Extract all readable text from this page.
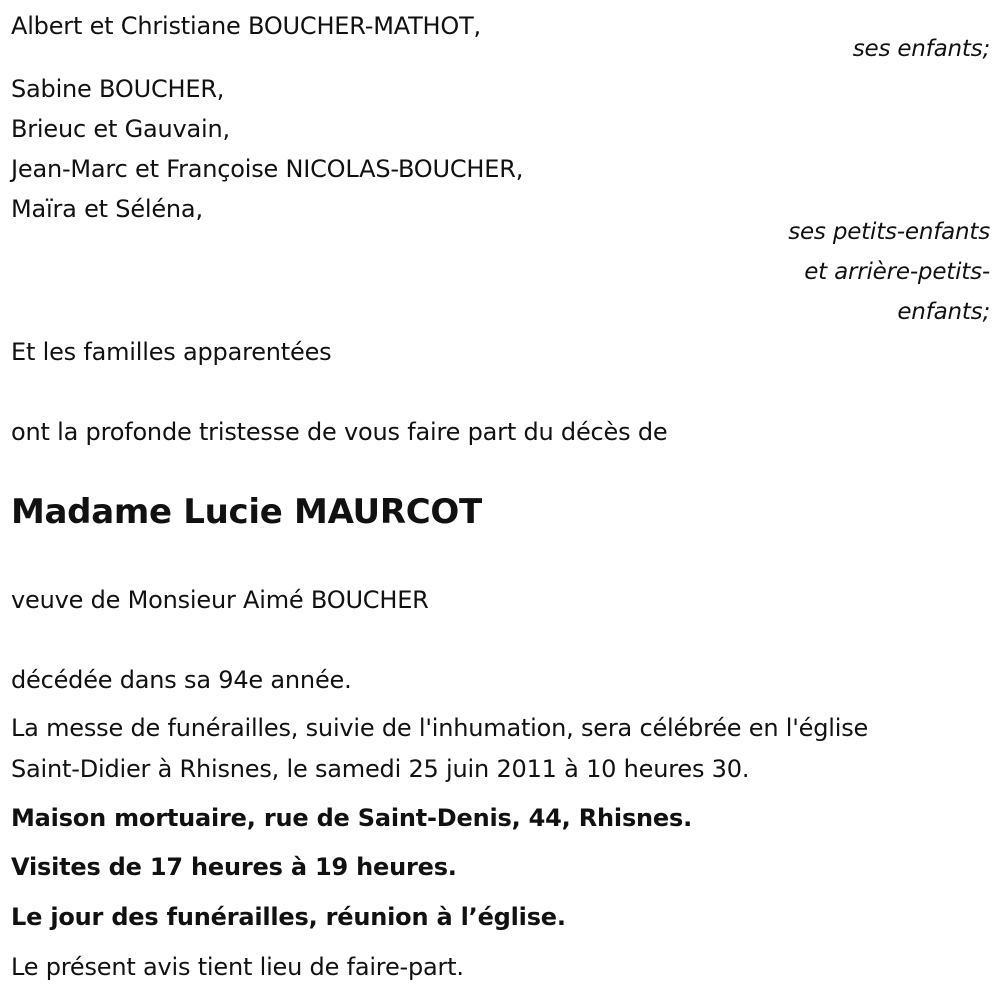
Albert et Christiane BOUCHER-MATHOT,
ses enfants;
Sabine BOUCHER,
Brieuc et Gauvain,
Jean-Marc et Françoise NICOLAS-BOUCHER,
Maïra et Séléna,
ses petits-enfants
et arrière-petits-
enfants;
Et les familles apparentées
ont la profonde tristesse de vous faire part du décès de
Madame Lucie MAURCOT
veuve de Monsieur Aimé BOUCHER
décédée dans sa 94e année.
La messe de funérailles, suivie de l'inhumation, sera célébrée en l'église
Saint-Didier à Rhisnes, le samedi 25 juin 2011 à 10 heures 30.
Maison mortuaire, rue de Saint-Denis, 44, Rhisnes.
Visites de 17 heures à 19 heures.
Le jour des funérailles, réunion à l’église.
Le présent avis tient lieu de faire-part.
